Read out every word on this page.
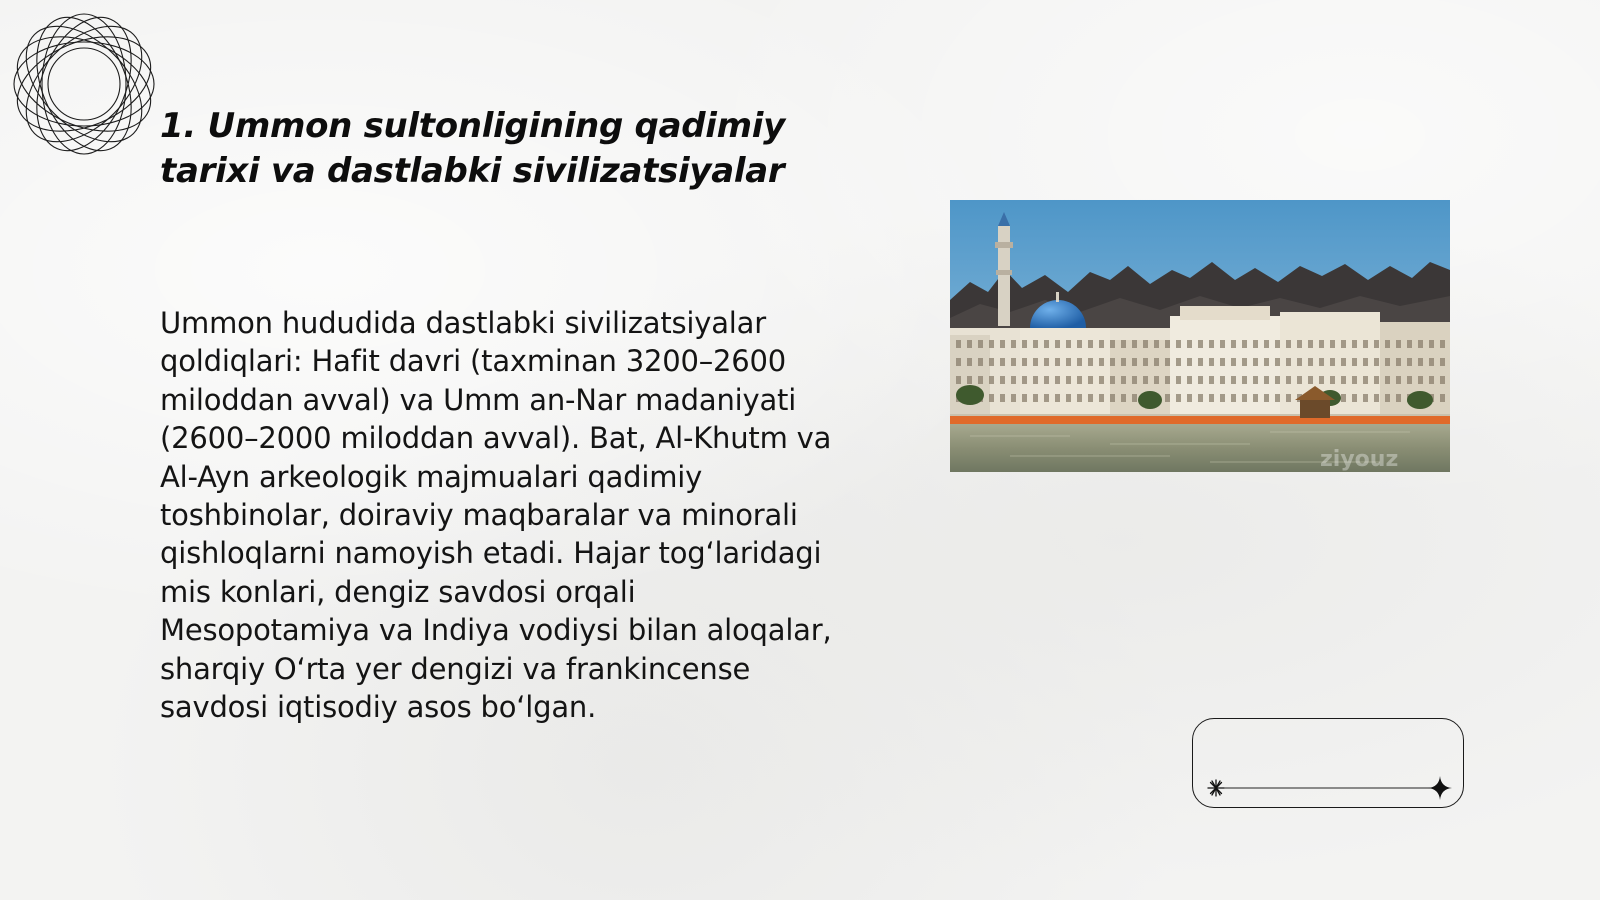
1. Ummon sultonligining qadimiy tarixi va dastlabki sivilizatsiyalar

Ummon hududida dastlabki sivilizatsiyalar qoldiqlari: Hafit davri (taxminan 3200–2600 miloddan avval) va Umm an-Nar madaniyati (2600–2000 miloddan avval). Bat, Al-Khutm va Al-Ayn arkeologik majmualari qadimiy toshbinolar, doiraviy maqbaralar va minorali qishloqlarni namoyish etadi. Hajar tog‘laridagi mis konlari, dengiz savdosi orqali Mesopotamiya va Indiya vodiysi bilan aloqalar, sharqiy O‘rta yer dengizi va frankincense savdosi iqtisodiy asos bo‘lgan.

ziyouz
